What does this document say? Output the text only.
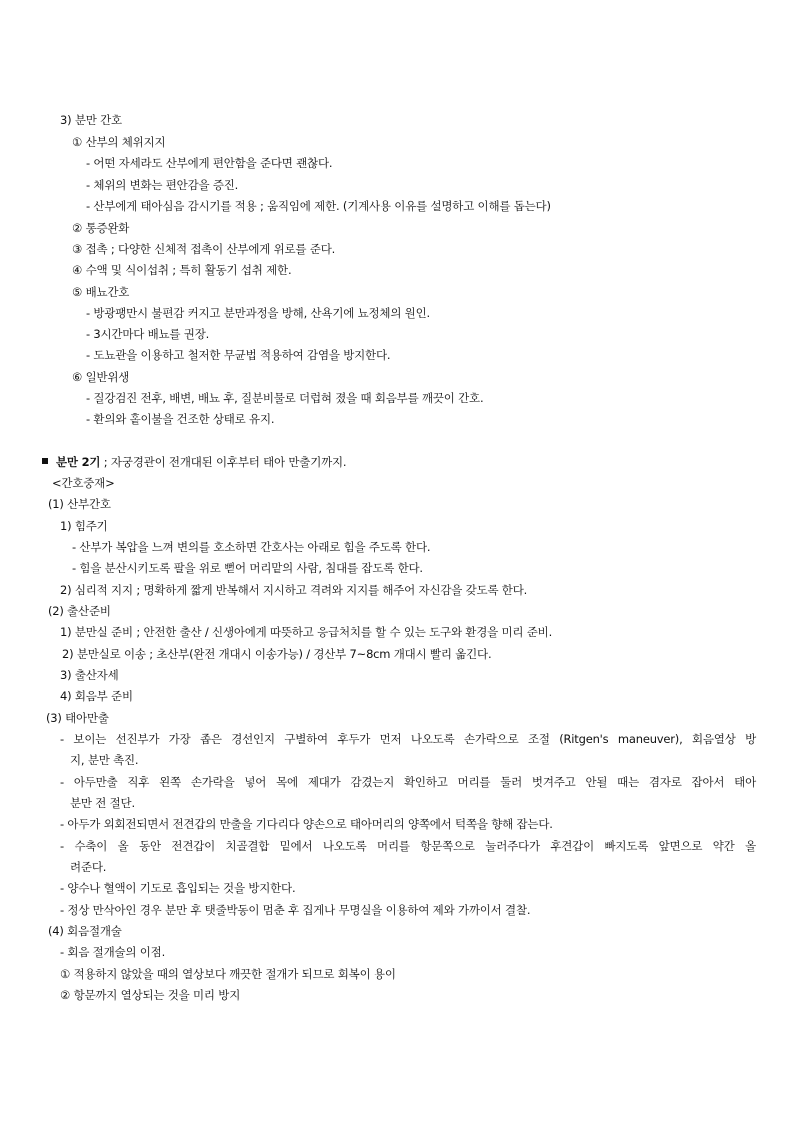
3) 분만 간호
① 산부의 체위지지
- 어떤 자세라도 산부에게 편안함을 준다면 괜찮다.
- 체위의 변화는 편안감을 증진.
- 산부에게 태아심음 감시기를 적용 ; 움직임에 제한. (기계사용 이유를 설명하고 이해를 돕는다)
② 통증완화
③ 접촉 ; 다양한 신체적 접촉이 산부에게 위로를 준다.
④ 수액 및 식이섭취 ; 특히 활동기 섭취 제한.
⑤ 배뇨간호
- 방광팽만시 불편감 커지고 분만과정을 방해, 산욕기에 뇨정체의 원인.
- 3시간마다 배뇨를 권장.
- 도뇨관을 이용하고 철저한 무균법 적용하여 감염을 방지한다.
⑥ 일반위생
- 질강검진 전후, 배변, 배뇨 후, 질분비물로 더럽혀 졌을 때 회음부를 깨끗이 간호.
- 환의와 홑이불을 건조한 상태로 유지.
분만 2기 ; 자궁경관이 전개대된 이후부터 태아 만출기까지.
<간호중재>
(1) 산부간호
1) 힘주기
- 산부가 복압을 느껴 변의를 호소하면 간호사는 아래로 힘을 주도록 한다.
- 힘을 분산시키도록 팔을 위로 뻗어 머리맡의 사람, 침대를 잡도록 한다.
2) 심리적 지지 ; 명확하게 짧게 반복해서 지시하고 격려와 지지를 해주어 자신감을 갖도록 한다.
(2) 출산준비
1) 분만실 준비 ; 안전한 출산 / 신생아에게 따뜻하고 응급처치를 할 수 있는 도구와 환경을 미리 준비.
2) 분만실로 이송 ; 초산부(완전 개대시 이송가능) / 경산부 7~8cm 개대시 빨리 옮긴다.
3) 출산자세
4) 회음부 준비
(3) 태아만출
- 보이는 선진부가 가장 좁은 경선인지 구별하여 후두가 먼저 나오도록 손가락으로 조절 (Ritgen's maneuver), 회음열상 방
지, 분만 촉진.
- 아두만출 직후 왼쪽 손가락을 넣어 목에 제대가 감겼는지 확인하고 머리를 둘러 벗겨주고 안될 때는 겸자로 잡아서 태아
분만 전 절단.
- 아두가 외회전되면서 전견갑의 만출을 기다리다 양손으로 태아머리의 양쪽에서 턱쪽을 향해 잡는다.
- 수축이 올 동안 전견갑이 치골결합 밑에서 나오도록 머리를 항문쪽으로 눌러주다가 후견갑이 빠지도록 앞면으로 약간 올
려준다.
- 양수나 혈액이 기도로 흡입되는 것을 방지한다.
- 정상 만삭아인 경우 분만 후 탯줄박동이 멈춘 후 집게나 무명실을 이용하여 제와 가까이서 결찰.
(4) 회음절개술
- 회음 절개술의 이점.
① 적용하지 않았을 때의 열상보다 깨끗한 절개가 되므로 회복이 용이
② 항문까지 열상되는 것을 미리 방지
